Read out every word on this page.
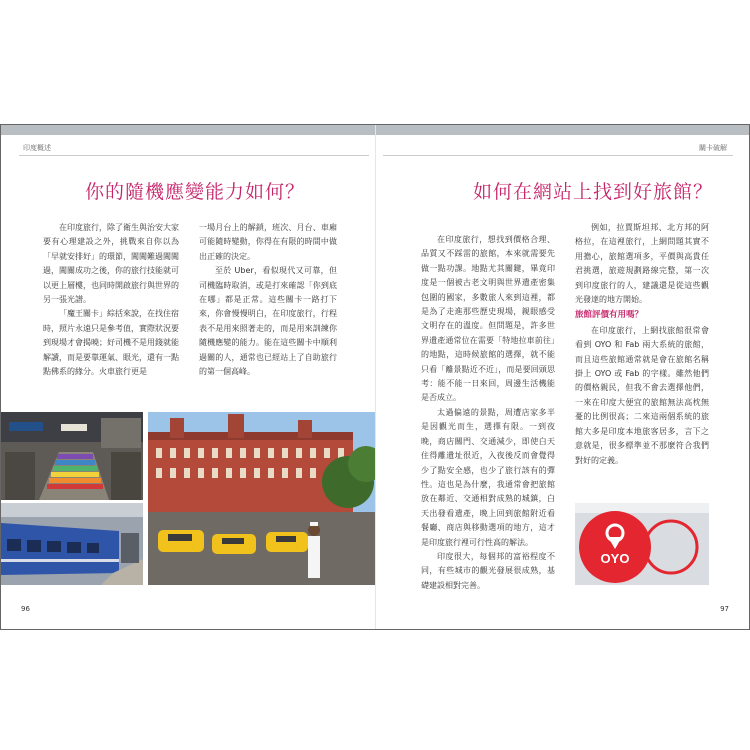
印度概述
你的隨機應變能力如何？

在印度旅行，除了衛生與治安大家要有心理建設之外，挑戰來自你以為「早就安排好」的環節，闖闖難過闖闖過，闖關成功之後，你的旅行技能就可以更上層樓，也同時開啟旅行與世界的另一張光譜。

「魔王關卡」綜括來說，在找住宿時，照片永遠只是參考值，實際狀況要到現場才會揭曉；好司機不是用錢就能解讀，而是要靠運氣、眼光，還有一點點佛系的緣分。火車旅行更是

一場月台上的解鎖，班次、月台、車廂可能隨時變動，你得在有限的時間中做出正確的決定。

至於 Uber，看似現代又可靠，但司機臨時取消，或是打來確認「你到底在哪」都是正常。這些關卡一路打下來，你會慢慢明白，在印度旅行，行程表不是用來照著走的，而是用來訓練你隨機應變的能力。能在這些關卡中順利過關的人，通常也已經站上了自助旅行的第一個高峰。

96
關卡破解
如何在網站上找到好旅館？

在印度旅行，想找到價格合理、品質又不踩雷的旅館，本來就需要先做一點功課。地點尤其關鍵，畢竟印度是一個被古老文明與世界遺產密集包圍的國家，多數旅人來到這裡，都是為了走進那些歷史現場，親眼感受文明存在的溫度。但問題是，許多世界遺產通常位在需要「特地拉車前往」的地點，這時候旅館的選擇，就不能只看「離景點近不近」，而是要回頭思考：能不能一日來回，周邊生活機能是否成立。

太過偏遠的景點，周遭店家多半是因觀光而生，選擇有限。一到夜晚，商店關門、交通減少，即使白天住得離遺址很近，入夜後反而會覺得少了點安全感，也少了旅行該有的彈性。這也是為什麼，我通常會把旅館放在鄰近、交通相對成熟的城鎮，白天出發看遺產，晚上回到旅館附近看餐廳、商店與移動選項的地方，這才是印度旅行裡可行性高的解法。

印度很大，每個邦的富裕程度不同，有些城市的觀光發展很成熟，基礎建設相對完善。

例如，拉賈斯坦邦、北方邦的阿格拉，在這裡旅行，上網問題其實不用擔心，旅館選項多，平價與高貴任君挑選，旅遊規劃路線完整，第一次到印度旅行的人，建議還是從這些觀光發達的地方開始。

旅館評價有用嗎？

在印度旅行，上網找旅館很常會看到 OYO 和 Fab 兩大系統的旅館，而且這些旅館通常就是會在旅館名稱掛上 OYO 或 Fab 的字樣。雖然他們的價格親民，但我不會去選擇他們，一來在印度大便宜的旅館無法高枕無憂的比例很高；二來這兩個系統的旅館大多是印度本地旅客居多，言下之意就是，很多標準並不那麼符合我們對好的定義。

OYO
97
